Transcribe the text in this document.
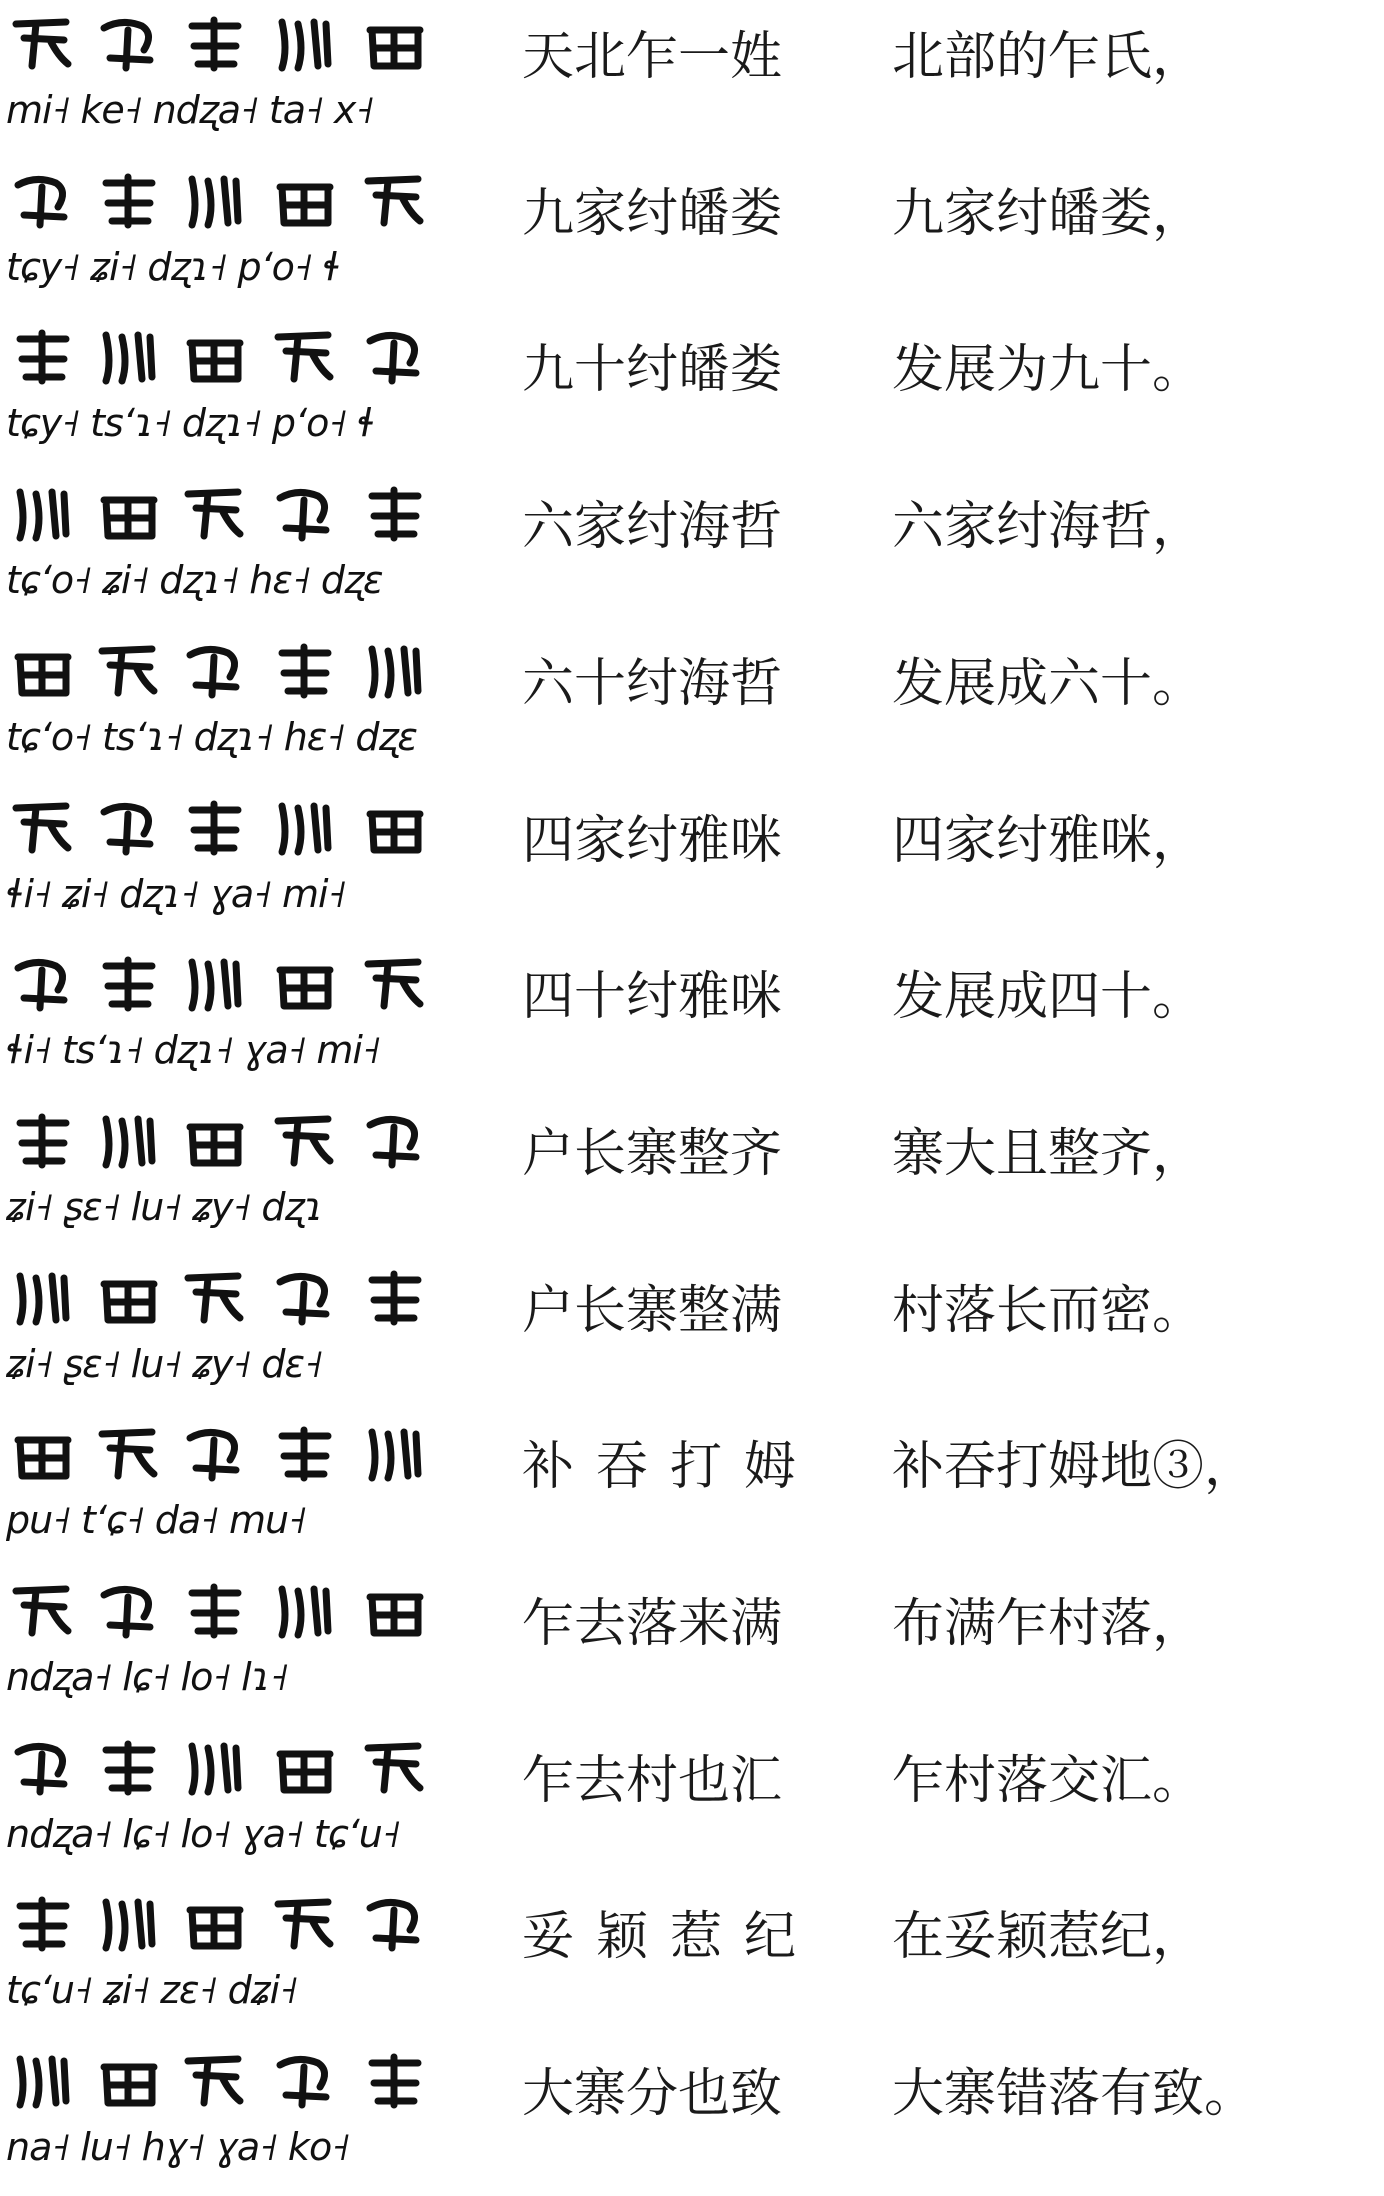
mi˧ ke˧ ndʐa˧ ta˧ x˧
天北乍一姓	北部的乍氏，
tɕy˧ ʑi˧ dʐɿ˧ pʻo˧ ɬ
九家纣皤娄	九家纣皤娄，
tɕy˧ tsʻɿ˧ dʐɿ˧ pʻo˧ ɬ
九十纣皤娄	发展为九十。
tɕʻo˧ ʑi˧ dʐɿ˧ hɛ˧ dʐɛ
六家纣海哲	六家纣海哲，
tɕʻo˧ tsʻɿ˧ dʐɿ˧ hɛ˧ dʐɛ
六十纣海哲	发展成六十。
ɬi˧ ʑi˧ dʐɿ˧ ɣa˧ mi˧
四家纣雅咪	四家纣雅咪，
ɬi˧ tsʻɿ˧ dʐɿ˧ ɣa˧ mi˧
四十纣雅咪	发展成四十。
ʑi˧ ʂɛ˧ lu˧ ʑy˧ dʐɿ
户长寨整齐	寨大且整齐，
ʑi˧ ʂɛ˧ lu˧ ʑy˧ dɛ˧
户长寨整满	村落长而密。
pu˧ tʻɕ˧ da˧ mu˧
补吞打姆	补吞打姆地③，
ndʐa˧ lɕ˧ lo˧ lɿ˧
乍去落来满	布满乍村落，
ndʐa˧ lɕ˧ lo˧ ɣa˧ tɕʻu˧
乍去村也汇	乍村落交汇。
tɕʻu˧ ʑi˧ zɛ˧ dʑi˧
妥颖惹纪	在妥颖惹纪，
na˧ lu˧ hɣ˧ ɣa˧ ko˧
大寨分也致	大寨错落有致。
